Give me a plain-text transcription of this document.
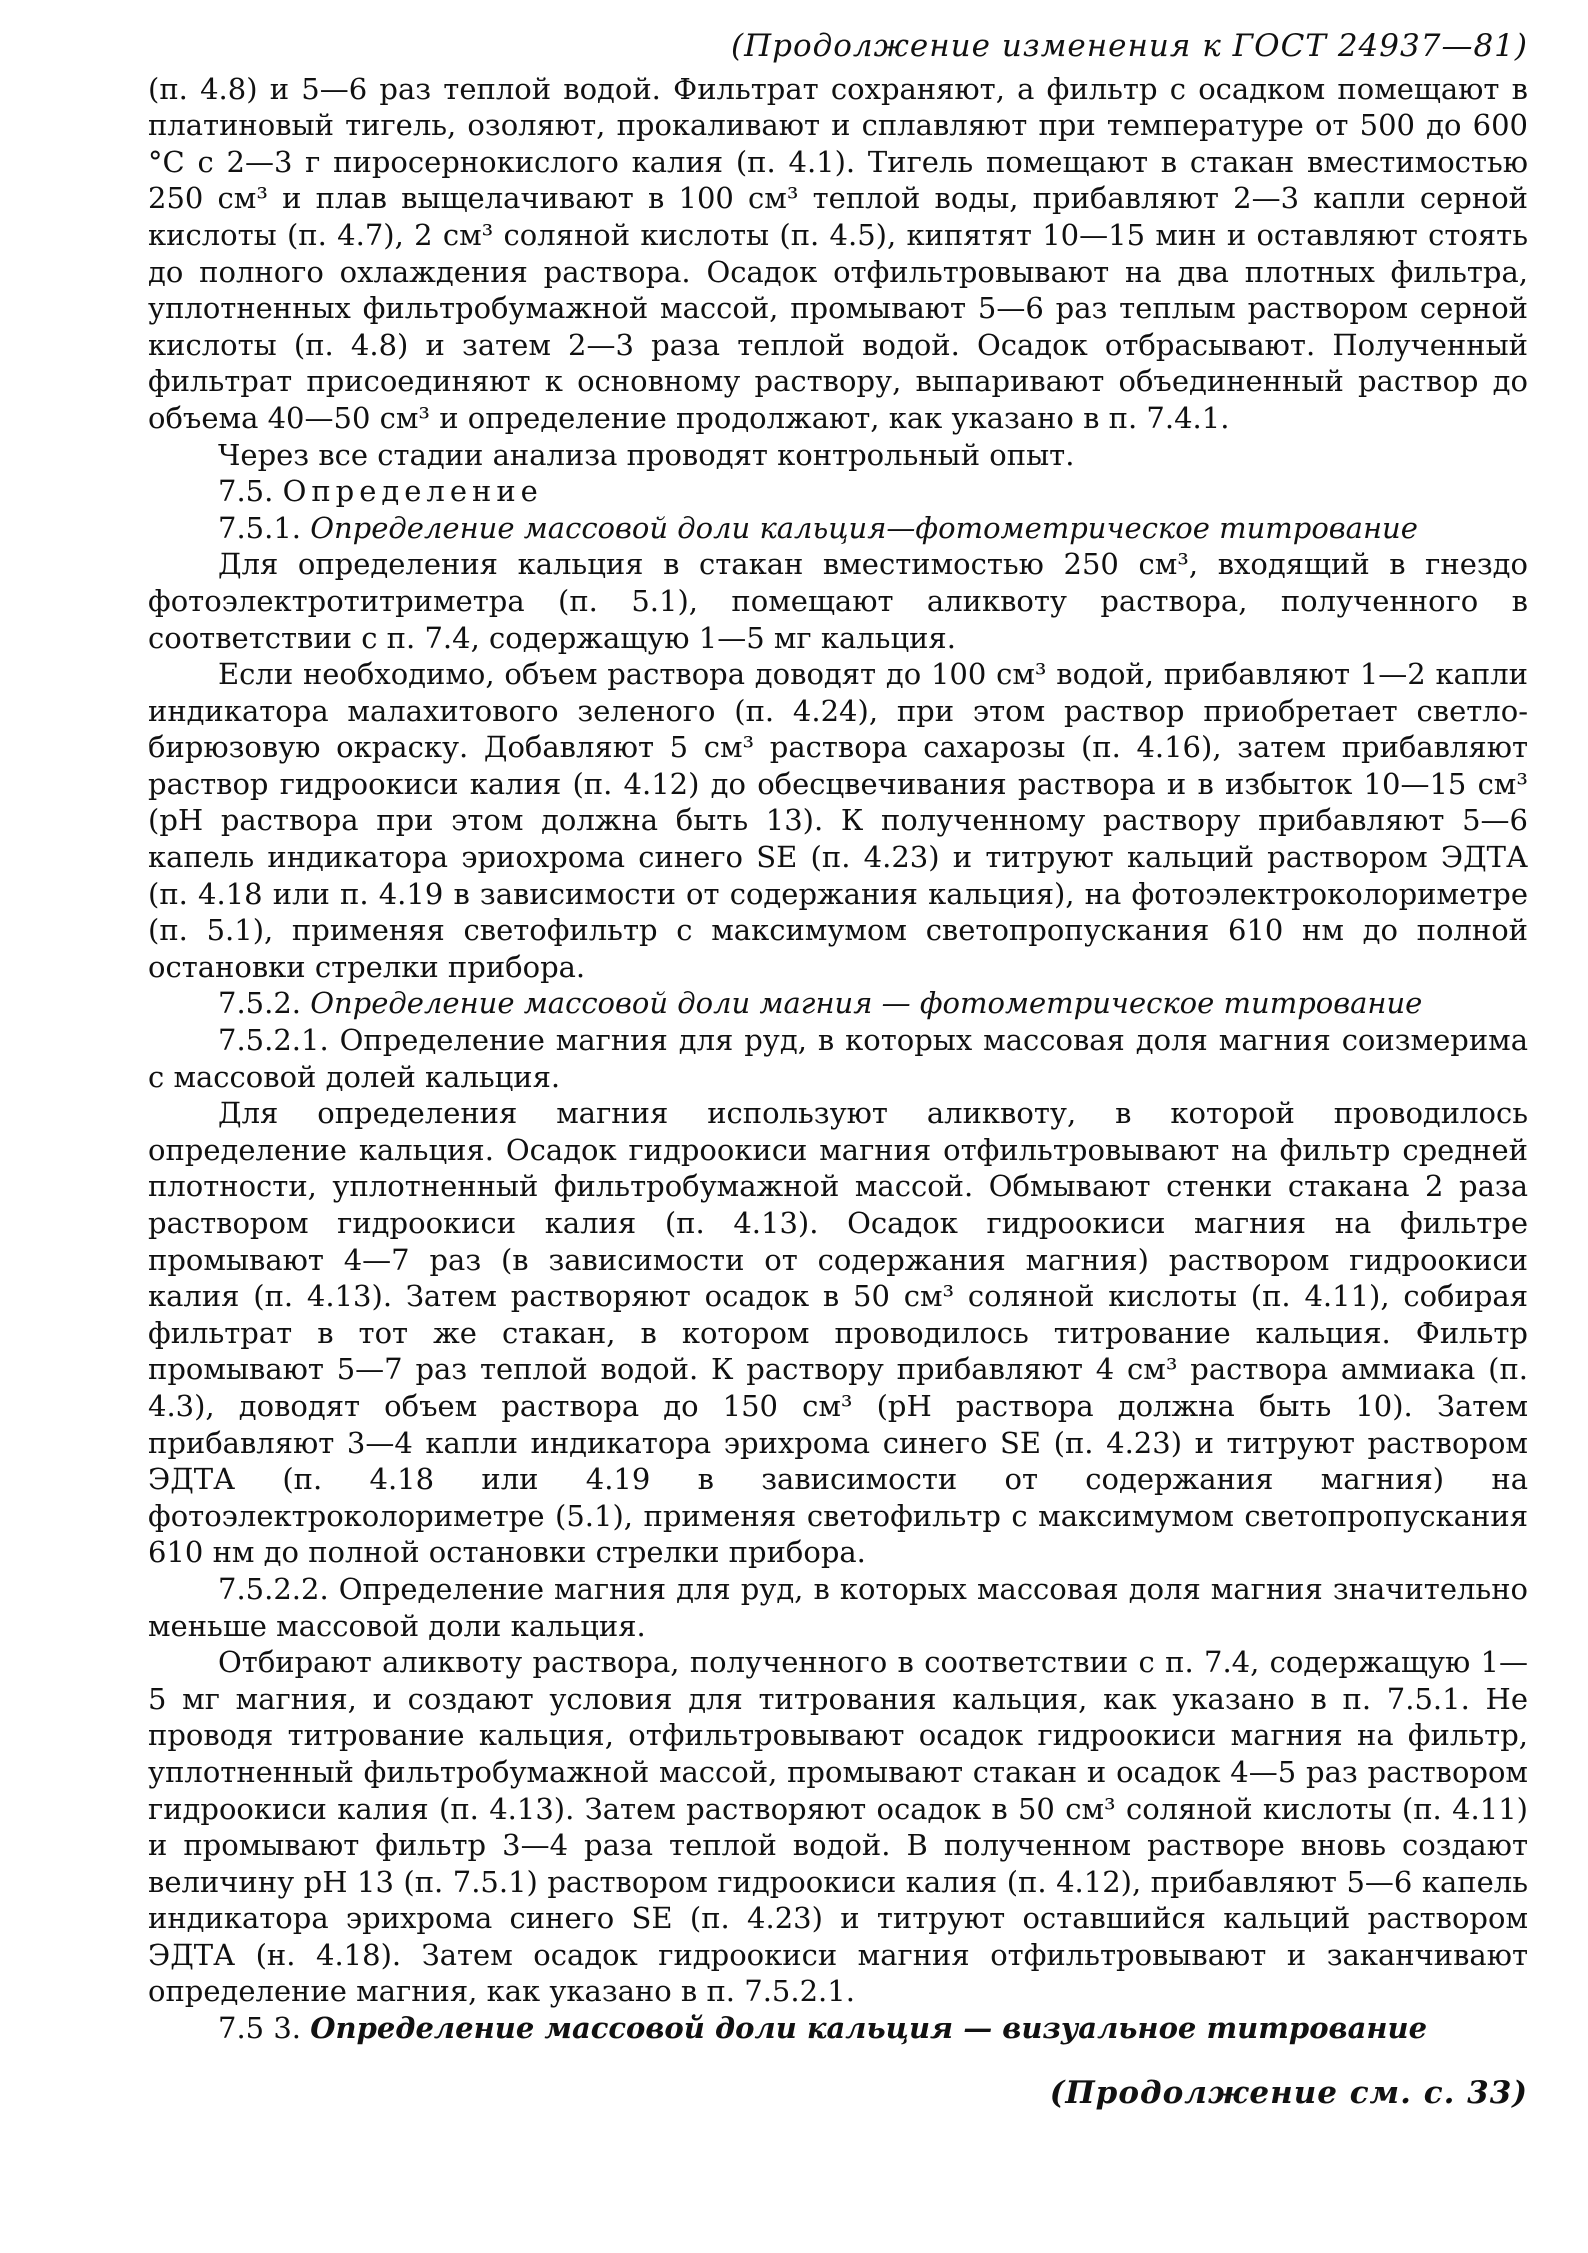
(Продолжение изменения к ГОСТ 24937—81)

(п. 4.8) и 5—6 раз теплой водой. Фильтрат сохраняют, а фильтр с осадком помещают в платиновый тигель, озоляют, прокаливают и сплавляют при температуре от 500 до 600 °С с 2—3 г пиросернокислого калия (п. 4.1). Тигель помещают в стакан вместимостью 250 см³ и плав выщелачивают в 100 см³ теплой воды, прибавляют 2—3 капли серной кислоты (п. 4.7), 2 см³ соляной кислоты (п. 4.5), кипятят 10—15 мин и оставляют стоять до полного охлаждения раствора. Осадок отфильтровывают на два плотных фильтра, уплотненных фильтробумажной массой, промывают 5—6 раз теплым раствором серной кислоты (п. 4.8) и затем 2—3 раза теплой водой. Осадок отбрасывают. Полученный фильтрат присоединяют к основному раствору, выпаривают объединенный раствор до объема 40—50 см³ и определение продолжают, как указано в п. 7.4.1.

Через все стадии анализа проводят контрольный опыт.

7.5. Определение

7.5.1. Определение массовой доли кальция—фотометрическое титрование

Для определения кальция в стакан вместимостью 250 см³, входящий в гнездо фотоэлектротитриметра (п. 5.1), помещают аликвоту раствора, полученного в соответствии с п. 7.4, содержащую 1—5 мг кальция.

Если необходимо, объем раствора доводят до 100 см³ водой, прибавляют 1—2 капли индикатора малахитового зеленого (п. 4.24), при этом раствор приобретает светло-бирюзовую окраску. Добавляют 5 см³ раствора сахарозы (п. 4.16), затем прибавляют раствор гидроокиси калия (п. 4.12) до обесцвечивания раствора и в избыток 10—15 см³ (pH раствора при этом должна быть 13). К полученному раствору прибавляют 5—6 капель индикатора эриохрома синего SE (п. 4.23) и титруют кальций раствором ЭДТА (п. 4.18 или п. 4.19 в зависимости от содержания кальция), на фотоэлектроколориметре (п. 5.1), применяя светофильтр с максимумом светопропускания 610 нм до полной остановки стрелки прибора.

7.5.2. Определение массовой доли магния — фотометрическое титрование

7.5.2.1. Определение магния для руд, в которых массовая доля магния соизмерима с массовой долей кальция.

Для определения магния используют аликвоту, в которой проводилось определение кальция. Осадок гидроокиси магния отфильтровывают на фильтр средней плотности, уплотненный фильтробумажной массой. Обмывают стенки стакана 2 раза раствором гидроокиси калия (п. 4.13). Осадок гидроокиси магния на фильтре промывают 4—7 раз (в зависимости от содержания магния) раствором гидроокиси калия (п. 4.13). Затем растворяют осадок в 50 см³ соляной кислоты (п. 4.11), собирая фильтрат в тот же стакан, в котором проводилось титрование кальция. Фильтр промывают 5—7 раз теплой водой. К раствору прибавляют 4 см³ раствора аммиака (п. 4.3), доводят объем раствора до 150 см³ (pH раствора должна быть 10). Затем прибавляют 3—4 капли индикатора эрихрома синего SE (п. 4.23) и титруют раствором ЭДТА (п. 4.18 или 4.19 в зависимости от содержания магния) на фотоэлектроколориметре (5.1), применяя светофильтр с максимумом светопропускания 610 нм до полной остановки стрелки прибора.

7.5.2.2. Определение магния для руд, в которых массовая доля магния значительно меньше массовой доли кальция.

Отбирают аликвоту раствора, полученного в соответствии с п. 7.4, содержащую 1—5 мг магния, и создают условия для титрования кальция, как указано в п. 7.5.1. Не проводя титрование кальция, отфильтровывают осадок гидроокиси магния на фильтр, уплотненный фильтробумажной массой, промывают стакан и осадок 4—5 раз раствором гидроокиси калия (п. 4.13). Затем растворяют осадок в 50 см³ соляной кислоты (п. 4.11) и промывают фильтр 3—4 раза теплой водой. В полученном растворе вновь создают величину pH 13 (п. 7.5.1) раствором гидроокиси калия (п. 4.12), прибавляют 5—6 капель индикатора эрихрома синего SE (п. 4.23) и титруют оставшийся кальций раствором ЭДТА (н. 4.18). Затем осадок гидроокиси магния отфильтровывают и заканчивают определение магния, как указано в п. 7.5.2.1.

7.5 3. Определение массовой доли кальция — визуальное титрование

(Продолжение см. с. 33)
